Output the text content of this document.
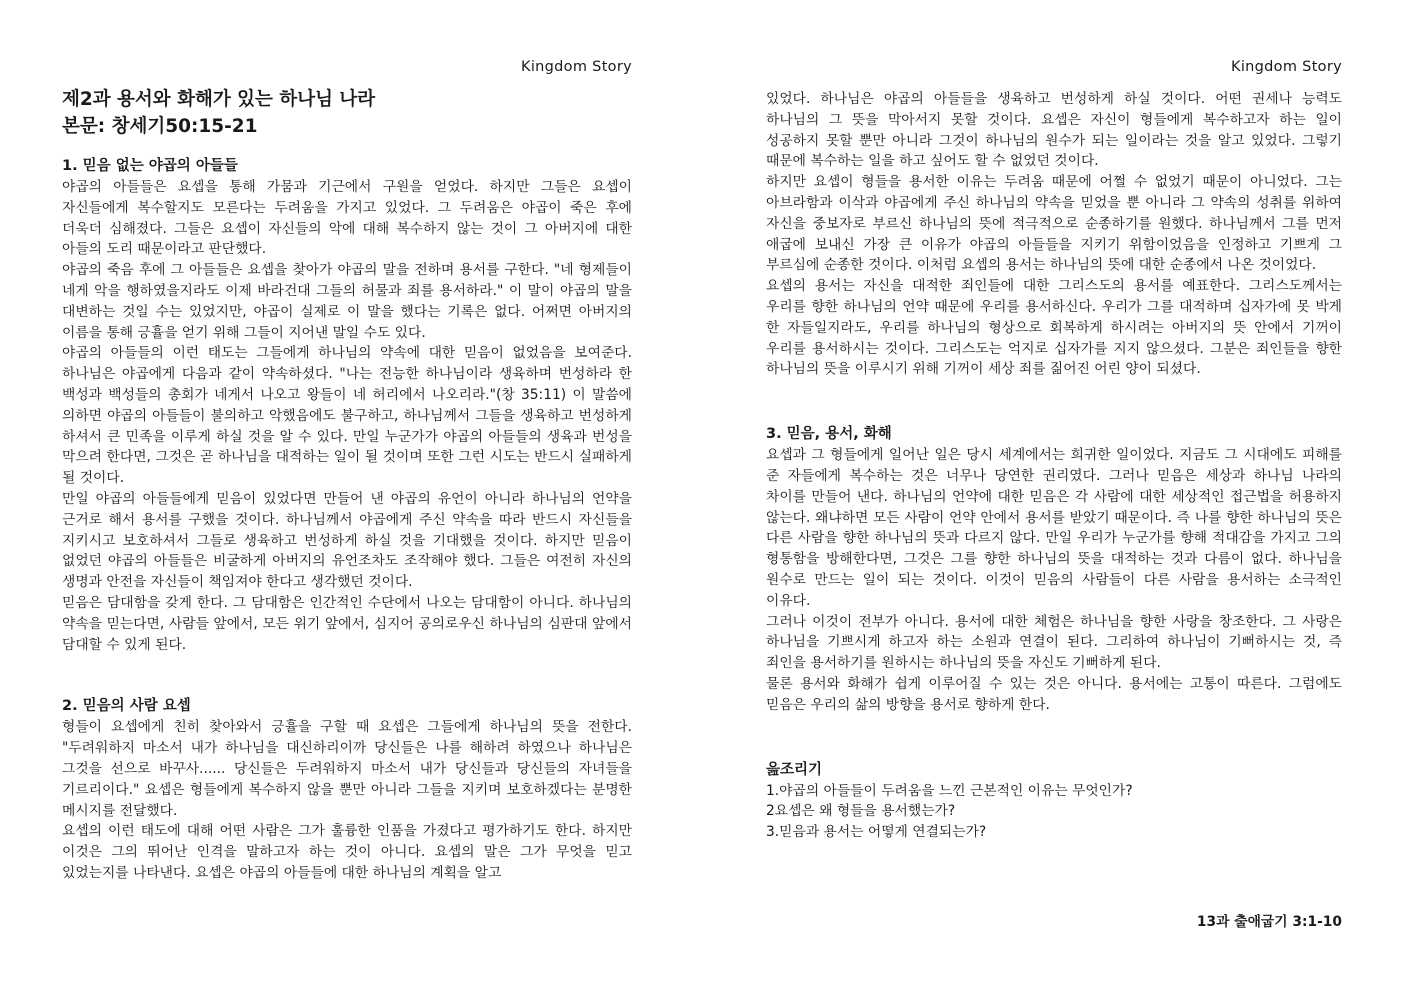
Kingdom Story
제2과 용서와 화해가 있는 하나님 나라
본문: 창세기50:15-21
1. 믿음 없는 야곱의 아들들

야곱의 아들들은 요셉을 통해 가뭄과 기근에서 구원을 얻었다. 하지만 그들은 요셉이 자신들에게 복수할지도 모른다는 두려움을 가지고 있었다. 그 두려움은 야곱이 죽은 후에 더욱더 심해졌다. 그들은 요셉이 자신들의 악에 대해 복수하지 않는 것이 그 아버지에 대한 아들의 도리 때문이라고 판단했다.

야곱의 죽음 후에 그 아들들은 요셉을 찾아가 야곱의 말을 전하며 용서를 구한다. "네 형제들이 네게 악을 행하였을지라도 이제 바라건대 그들의 허물과 죄를 용서하라." 이 말이 야곱의 말을 대변하는 것일 수는 있었지만, 야곱이 실제로 이 말을 했다는 기록은 없다. 어쩌면 아버지의 이름을 통해 긍휼을 얻기 위해 그들이 지어낸 말일 수도 있다.

야곱의 아들들의 이런 태도는 그들에게 하나님의 약속에 대한 믿음이 없었음을 보여준다. 하나님은 야곱에게 다음과 같이 약속하셨다. "나는 전능한 하나님이라 생육하며 번성하라 한 백성과 백성들의 총회가 네게서 나오고 왕들이 네 허리에서 나오리라."(창 35:11) 이 말씀에 의하면 야곱의 아들들이 불의하고 악했음에도 불구하고, 하나님께서 그들을 생육하고 번성하게 하셔서 큰 민족을 이루게 하실 것을 알 수 있다. 만일 누군가가 야곱의 아들들의 생육과 번성을 막으려 한다면, 그것은 곧 하나님을 대적하는 일이 될 것이며 또한 그런 시도는 반드시 실패하게 될 것이다.

만일 야곱의 아들들에게 믿음이 있었다면 만들어 낸 야곱의 유언이 아니라 하나님의 언약을 근거로 해서 용서를 구했을 것이다. 하나님께서 야곱에게 주신 약속을 따라 반드시 자신들을 지키시고 보호하셔서 그들로 생육하고 번성하게 하실 것을 기대했을 것이다. 하지만 믿음이 없었던 야곱의 아들들은 비굴하게 아버지의 유언조차도 조작해야 했다. 그들은 여전히 자신의 생명과 안전을 자신들이 책임져야 한다고 생각했던 것이다.

믿음은 담대함을 갖게 한다. 그 담대함은 인간적인 수단에서 나오는 담대함이 아니다. 하나님의 약속을 믿는다면, 사람들 앞에서, 모든 위기 앞에서, 심지어 공의로우신 하나님의 심판대 앞에서 담대할 수 있게 된다.

2. 믿음의 사람 요셉

형들이 요셉에게 친히 찾아와서 긍휼을 구할 때 요셉은 그들에게 하나님의 뜻을 전한다. "두려워하지 마소서 내가 하나님을 대신하리이까 당신들은 나를 해하려 하였으나 하나님은 그것을 선으로 바꾸사...... 당신들은 두려워하지 마소서 내가 당신들과 당신들의 자녀들을 기르리이다." 요셉은 형들에게 복수하지 않을 뿐만 아니라 그들을 지키며 보호하겠다는 분명한 메시지를 전달했다.

요셉의 이런 태도에 대해 어떤 사람은 그가 훌륭한 인품을 가졌다고 평가하기도 한다. 하지만 이것은 그의 뛰어난 인격을 말하고자 하는 것이 아니다. 요셉의 말은 그가 무엇을 믿고 있었는지를 나타낸다. 요셉은 야곱의 아들들에 대한 하나님의 계획을 알고

Kingdom Story

있었다. 하나님은 야곱의 아들들을 생육하고 번성하게 하실 것이다. 어떤 권세나 능력도 하나님의 그 뜻을 막아서지 못할 것이다. 요셉은 자신이 형들에게 복수하고자 하는 일이 성공하지 못할 뿐만 아니라 그것이 하나님의 원수가 되는 일이라는 것을 알고 있었다. 그렇기 때문에 복수하는 일을 하고 싶어도 할 수 없었던 것이다.

하지만 요셉이 형들을 용서한 이유는 두려움 때문에 어쩔 수 없었기 때문이 아니었다. 그는 아브라함과 이삭과 야곱에게 주신 하나님의 약속을 믿었을 뿐 아니라 그 약속의 성취를 위하여 자신을 중보자로 부르신 하나님의 뜻에 적극적으로 순종하기를 원했다. 하나님께서 그를 먼저 애굽에 보내신 가장 큰 이유가 야곱의 아들들을 지키기 위함이었음을 인정하고 기쁘게 그 부르심에 순종한 것이다. 이처럼 요셉의 용서는 하나님의 뜻에 대한 순종에서 나온 것이었다.

요셉의 용서는 자신을 대적한 죄인들에 대한 그리스도의 용서를 예표한다. 그리스도께서는 우리를 향한 하나님의 언약 때문에 우리를 용서하신다. 우리가 그를 대적하며 십자가에 못 박게 한 자들일지라도, 우리를 하나님의 형상으로 회복하게 하시려는 아버지의 뜻 안에서 기꺼이 우리를 용서하시는 것이다. 그리스도는 억지로 십자가를 지지 않으셨다. 그분은 죄인들을 향한 하나님의 뜻을 이루시기 위해 기꺼이 세상 죄를 짊어진 어린 양이 되셨다.

3. 믿음, 용서, 화해

요셉과 그 형들에게 일어난 일은 당시 세계에서는 희귀한 일이었다. 지금도 그 시대에도 피해를 준 자들에게 복수하는 것은 너무나 당연한 권리였다. 그러나 믿음은 세상과 하나님 나라의 차이를 만들어 낸다. 하나님의 언약에 대한 믿음은 각 사람에 대한 세상적인 접근법을 허용하지 않는다. 왜냐하면 모든 사람이 언약 안에서 용서를 받았기 때문이다. 즉 나를 향한 하나님의 뜻은 다른 사람을 향한 하나님의 뜻과 다르지 않다. 만일 우리가 누군가를 향해 적대감을 가지고 그의 형통함을 방해한다면, 그것은 그를 향한 하나님의 뜻을 대적하는 것과 다름이 없다. 하나님을 원수로 만드는 일이 되는 것이다. 이것이 믿음의 사람들이 다른 사람을 용서하는 소극적인 이유다.

그러나 이것이 전부가 아니다. 용서에 대한 체험은 하나님을 향한 사랑을 창조한다. 그 사랑은 하나님을 기쁘시게 하고자 하는 소원과 연결이 된다. 그리하여 하나님이 기뻐하시는 것, 즉 죄인을 용서하기를 원하시는 하나님의 뜻을 자신도 기뻐하게 된다.

물론 용서와 화해가 쉽게 이루어질 수 있는 것은 아니다. 용서에는 고통이 따른다. 그럼에도 믿음은 우리의 삶의 방향을 용서로 향하게 한다.

읊조리기

1.야곱의 아들들이 두려움을 느낀 근본적인 이유는 무엇인가?

2요셉은 왜 형들을 용서했는가?

3.믿음과 용서는 어떻게 연결되는가?

13과 출애굽기 3:1-10
